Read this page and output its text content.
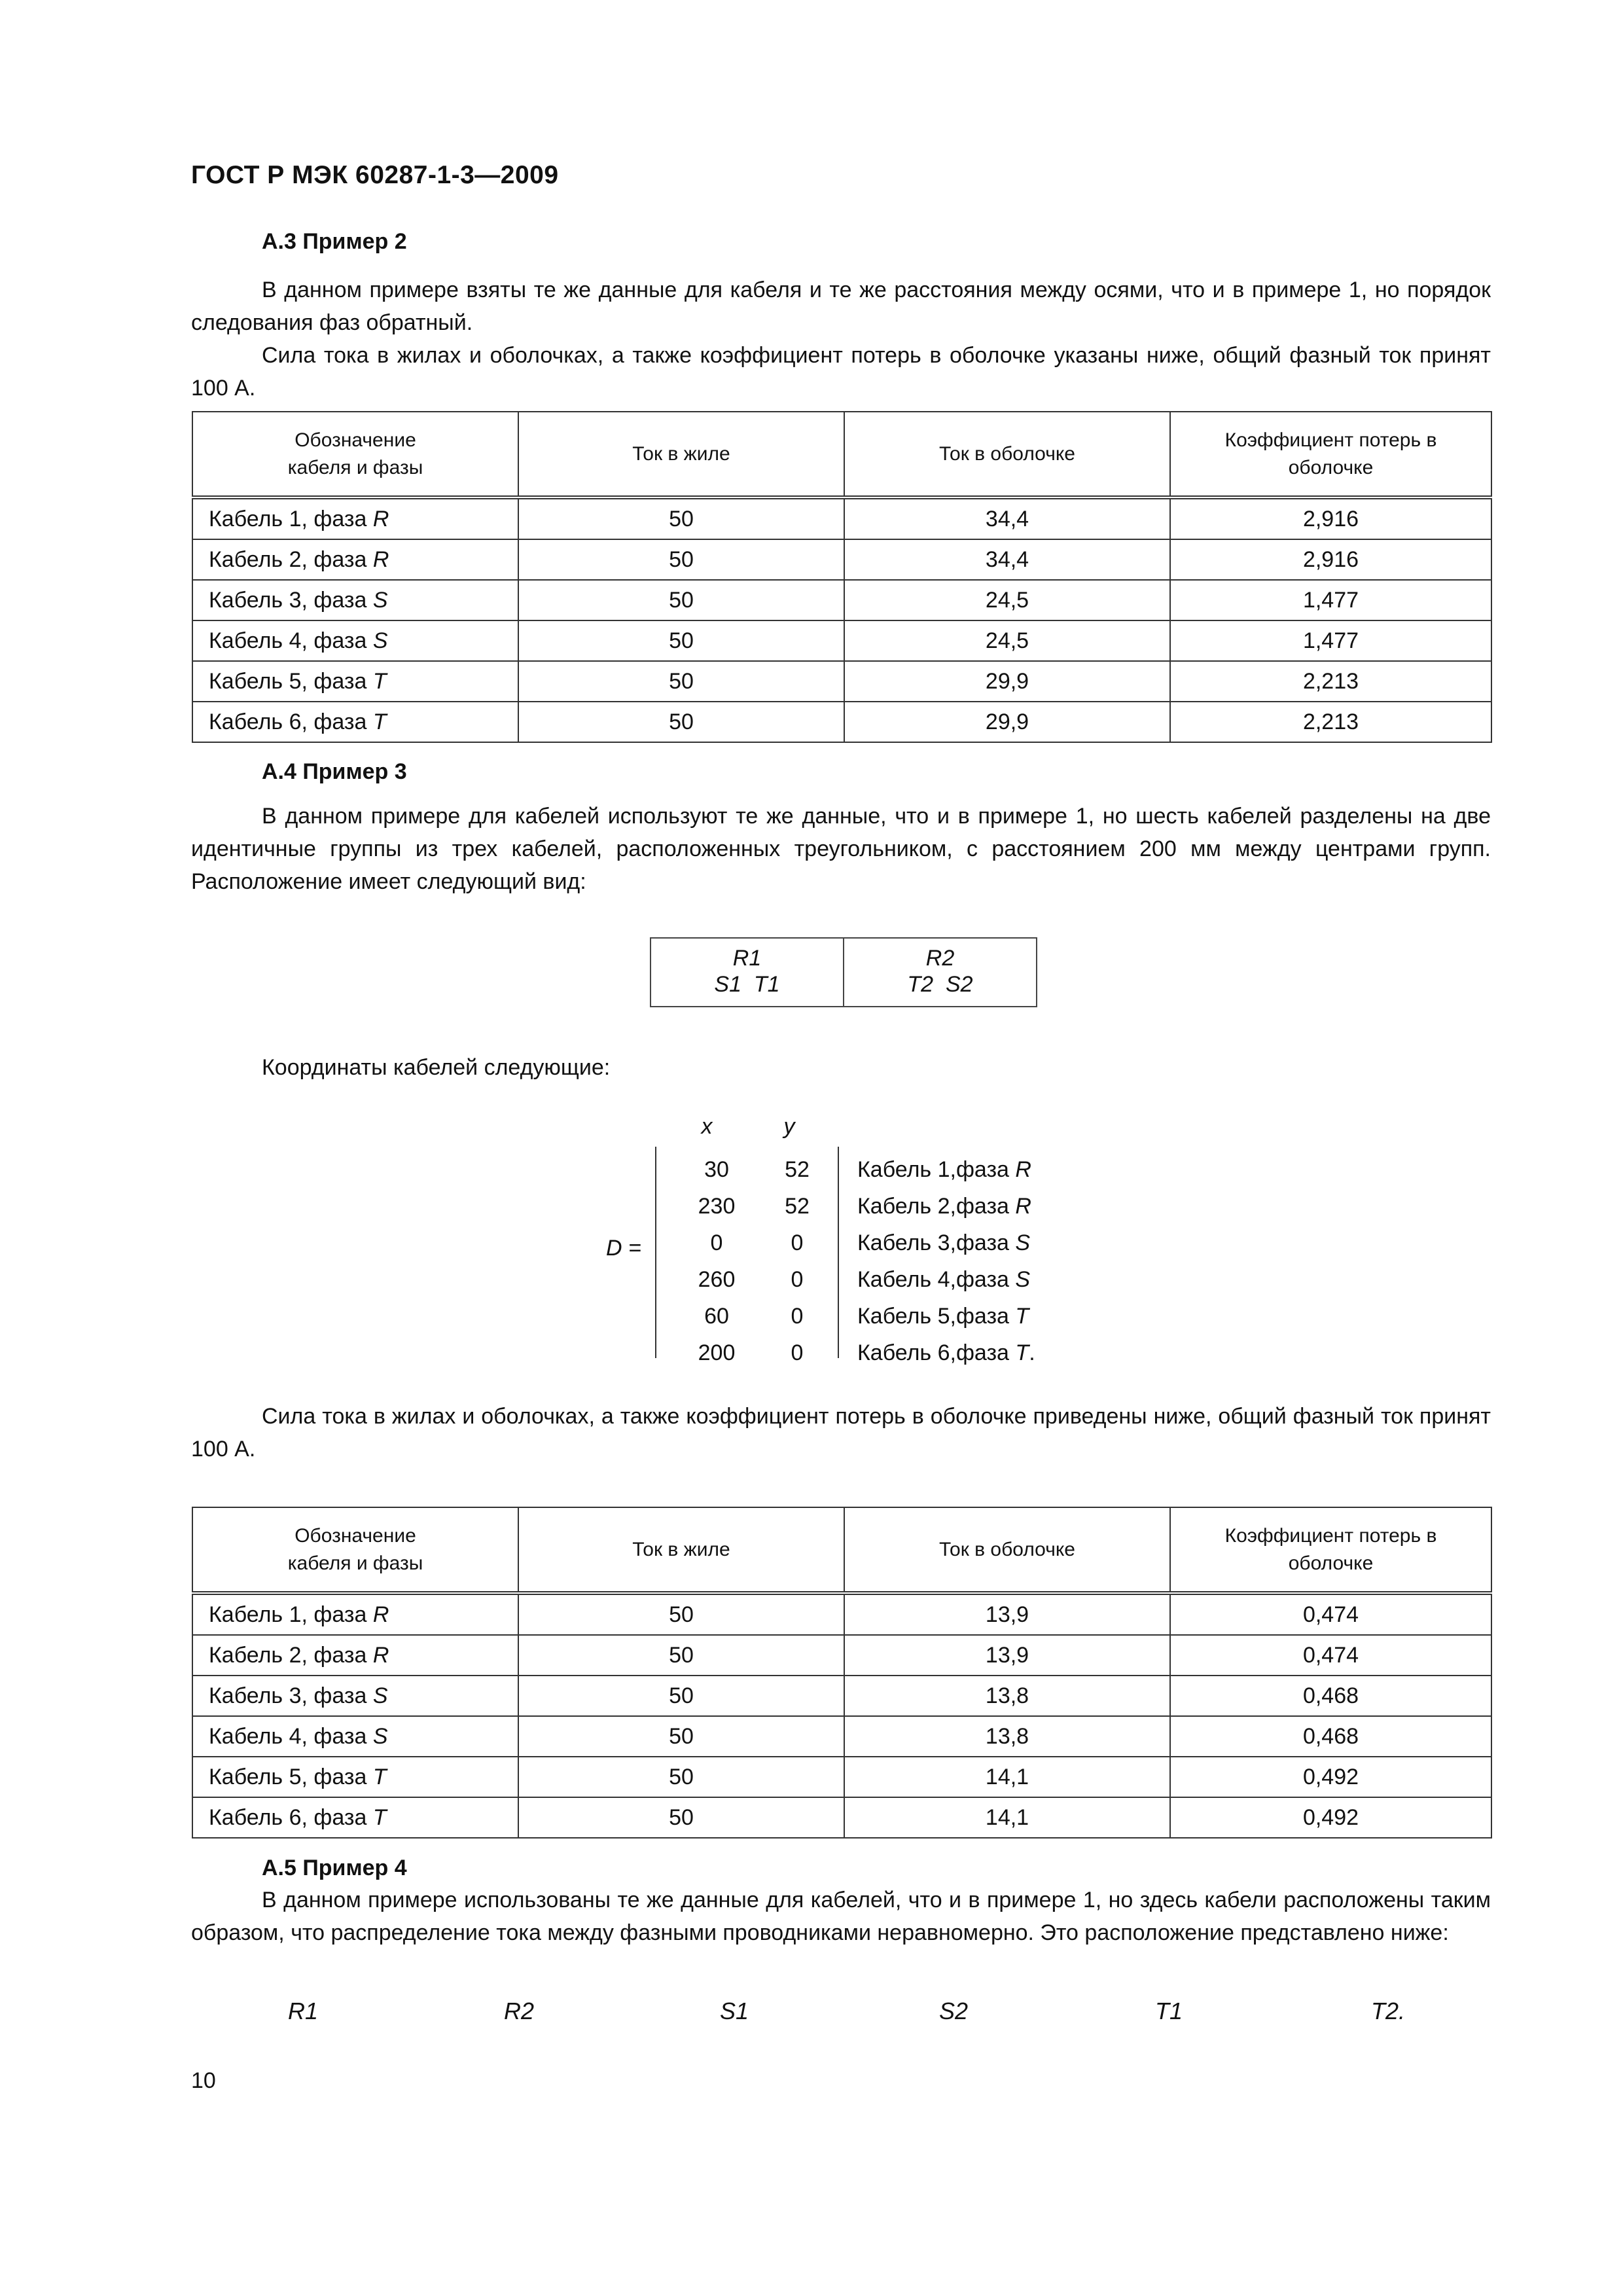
ГОСТ Р МЭК 60287-1-3—2009
А.3 Пример 2

В данном примере взяты те же данные для кабеля и те же расстояния между осями, что и в примере 1, но порядок следования фаз обратный.

Сила тока в жилах и оболочках, а также коэффициент потерь в оболочке указаны ниже, общий фазный ток принят 100 А.

Обозначение кабеля и фазы	Ток в жиле	Ток в оболочке	Коэффициент потерь в оболочке

Кабель 1, фаза R	50	34,4	2,916
Кабель 2, фаза R	50	34,4	2,916
Кабель 3, фаза S	50	24,5	1,477
Кабель 4, фаза S	50	24,5	1,477
Кабель 5, фаза T	50	29,9	2,213
Кабель 6, фаза T	50	29,9	2,213
А.4 Пример 3

В данном примере для кабелей используют те же данные, что и в примере 1, но шесть кабелей разделены на две идентичные группы из трех кабелей, расположенных треугольником, с расстоянием 200 мм между центрами групп. Расположение имеет следующий вид:

R1
S1  T1
R2
T2  S2
Координаты кабелей следующие:
D =
x	y
30	52	Кабель 1,фаза R
230	52	Кабель 2,фаза R
0	0	Кабель 3,фаза S
260	0	Кабель 4,фаза S
60	0	Кабель 5,фаза T
200	0	Кабель 6,фаза T.

Сила тока в жилах и оболочках, а также коэффициент потерь в оболочке приведены ниже, общий фазный ток принят 100 А.

Обозначение кабеля и фазы	Ток в жиле	Ток в оболочке	Коэффициент потерь в оболочке

Кабель 1, фаза R	50	13,9	0,474
Кабель 2, фаза R	50	13,9	0,474
Кабель 3, фаза S	50	13,8	0,468
Кабель 4, фаза S	50	13,8	0,468
Кабель 5, фаза T	50	14,1	0,492
Кабель 6, фаза T	50	14,1	0,492
А.5 Пример 4

В данном примере использованы те же данные для кабелей, что и в примере 1, но здесь кабели расположены таким образом, что распределение тока между фазными проводниками неравномерно. Это расположение представлено ниже:

R1	R2	S1	S2	T1	T2.
10
